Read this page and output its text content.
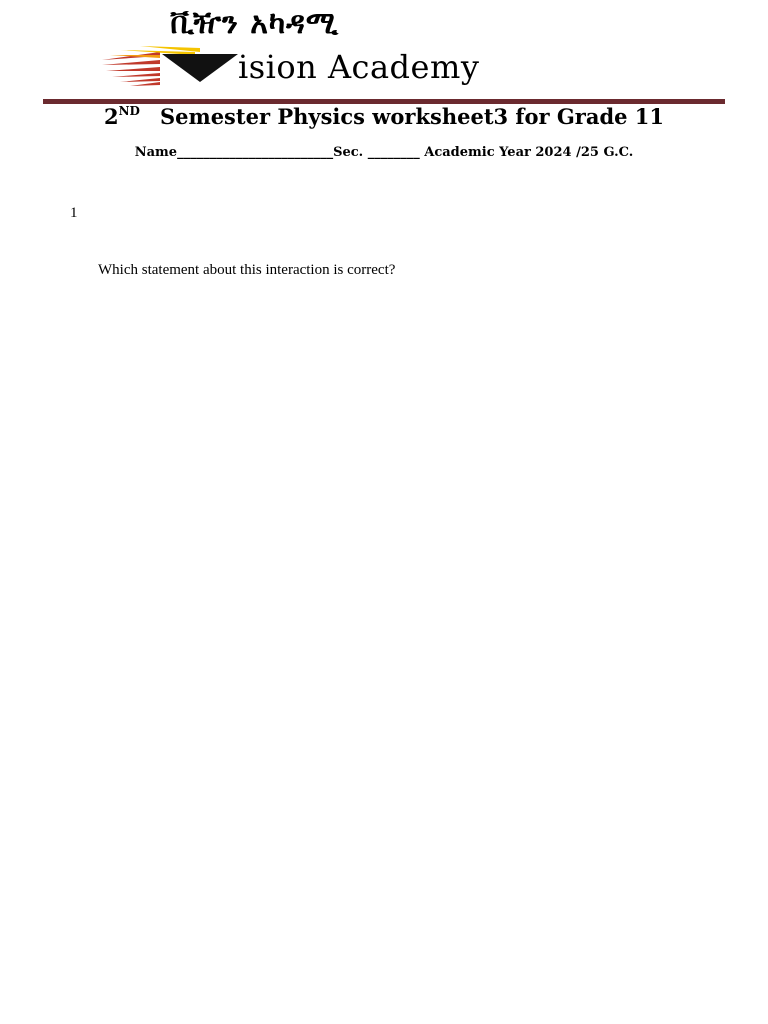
ቪዥን አካዳሚ
ision Academy
2ND Semester Physics worksheet3 for Grade 11
Name________________________Sec. ________ Academic Year 2024 /25 G.C.
1
Which statement about this interaction is correct?
